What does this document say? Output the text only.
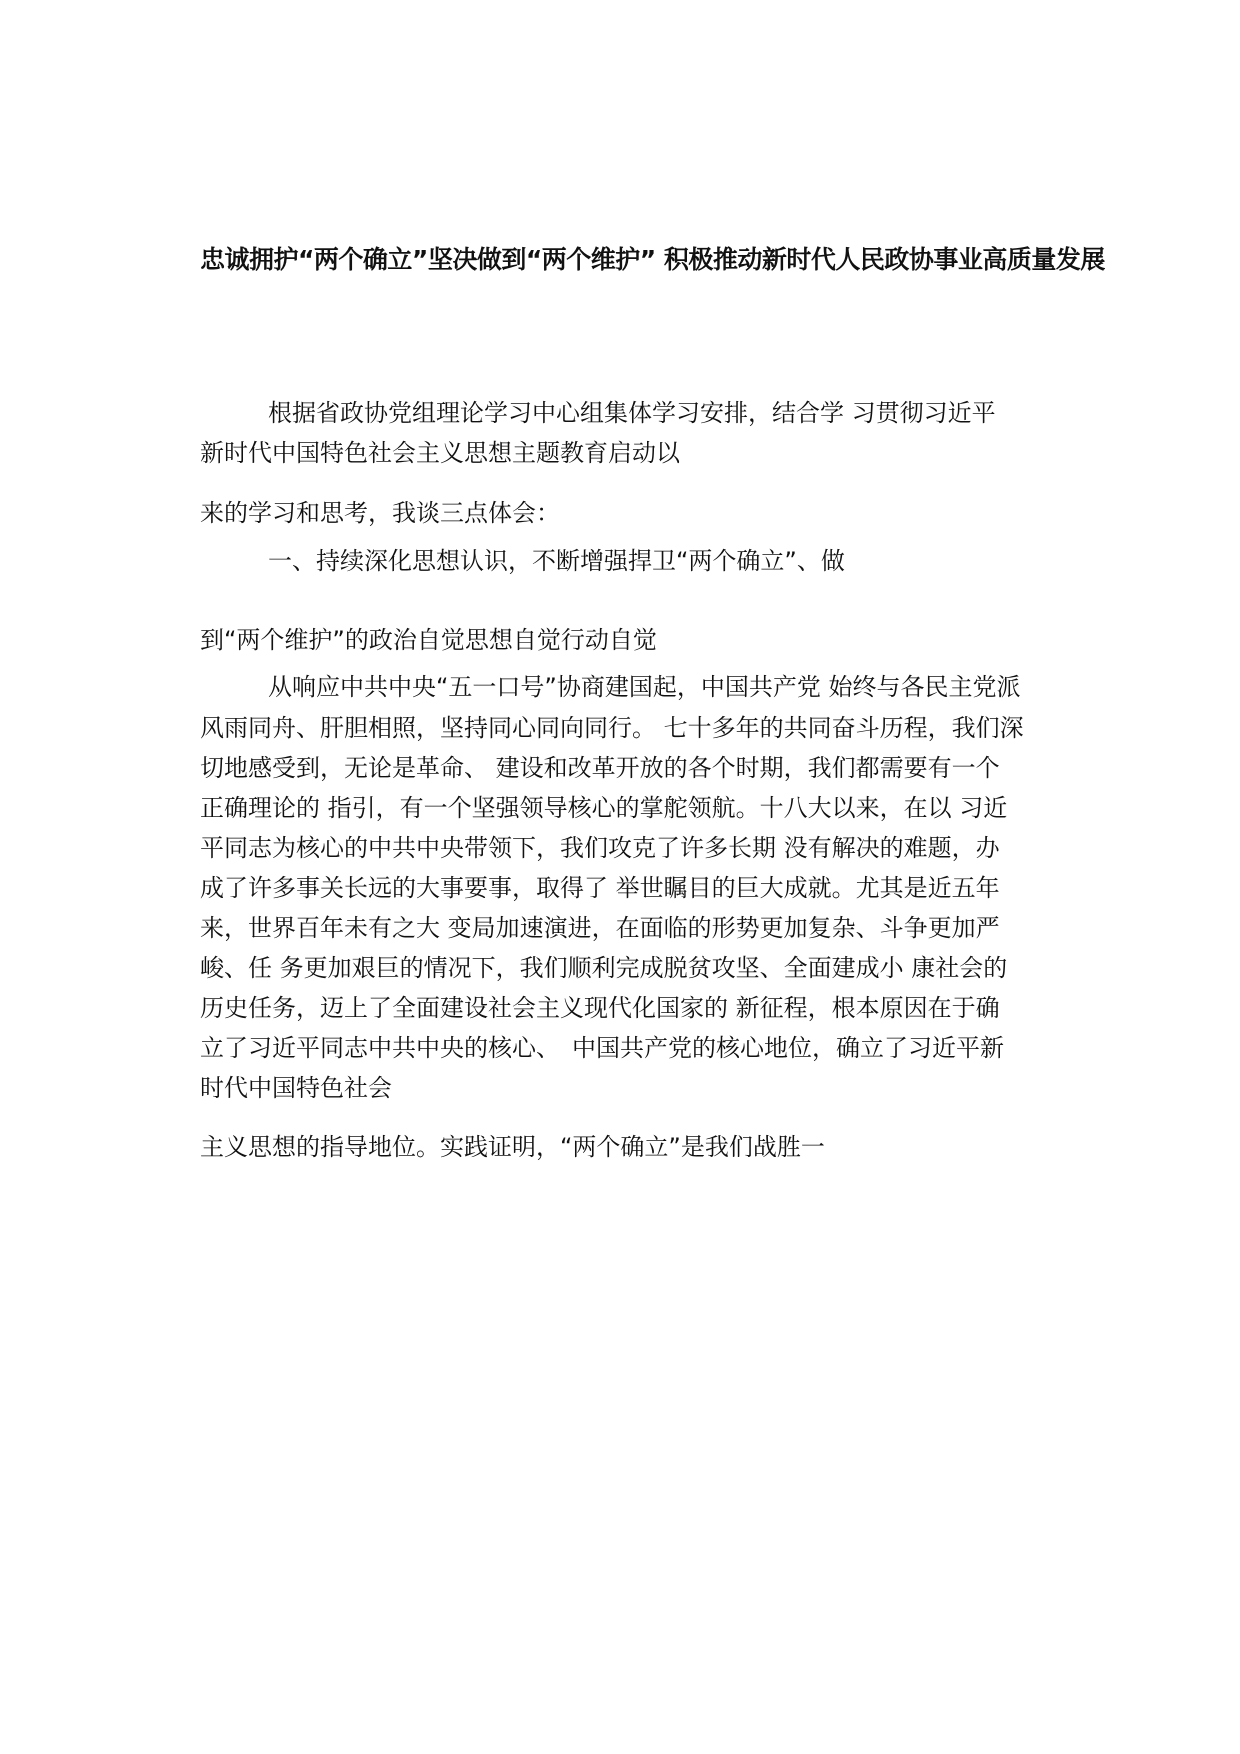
忠诚拥护“两个确立”坚决做到“两个维护” 积极推动新时代人民政协事业高质量发展
根据省政协党组理论学习中心组集体学习安排，结合学 习贯彻习近平
新时代中国特色社会主义思想主题教育启动以
来的学习和思考，我谈三点体会：
一、持续深化思想认识，不断增强捍卫“两个确立”、做
到“两个维护”的政治自觉思想自觉行动自觉
从响应中共中央“五一口号”协商建国起，中国共产党 始终与各民主党派
风雨同舟、肝胆相照，坚持同心同向同行。 七十多年的共同奋斗历程，我们深
切地感受到，无论是革命、 建设和改革开放的各个时期，我们都需要有一个
正确理论的 指引，有一个坚强领导核心的掌舵领航。十八大以来，在以 习近
平同志为核心的中共中央带领下，我们攻克了许多长期 没有解决的难题，办
成了许多事关长远的大事要事，取得了 举世瞩目的巨大成就。尤其是近五年
来，世界百年未有之大 变局加速演进，在面临的形势更加复杂、斗争更加严
峻、任 务更加艰巨的情况下，我们顺利完成脱贫攻坚、全面建成小 康社会的
历史任务，迈上了全面建设社会主义现代化国家的 新征程，根本原因在于确
立了习近平同志中共中央的核心、　中国共产党的核心地位，确立了习近平新
时代中国特色社会
主义思想的指导地位。实践证明，“两个确立”是我们战胜一
